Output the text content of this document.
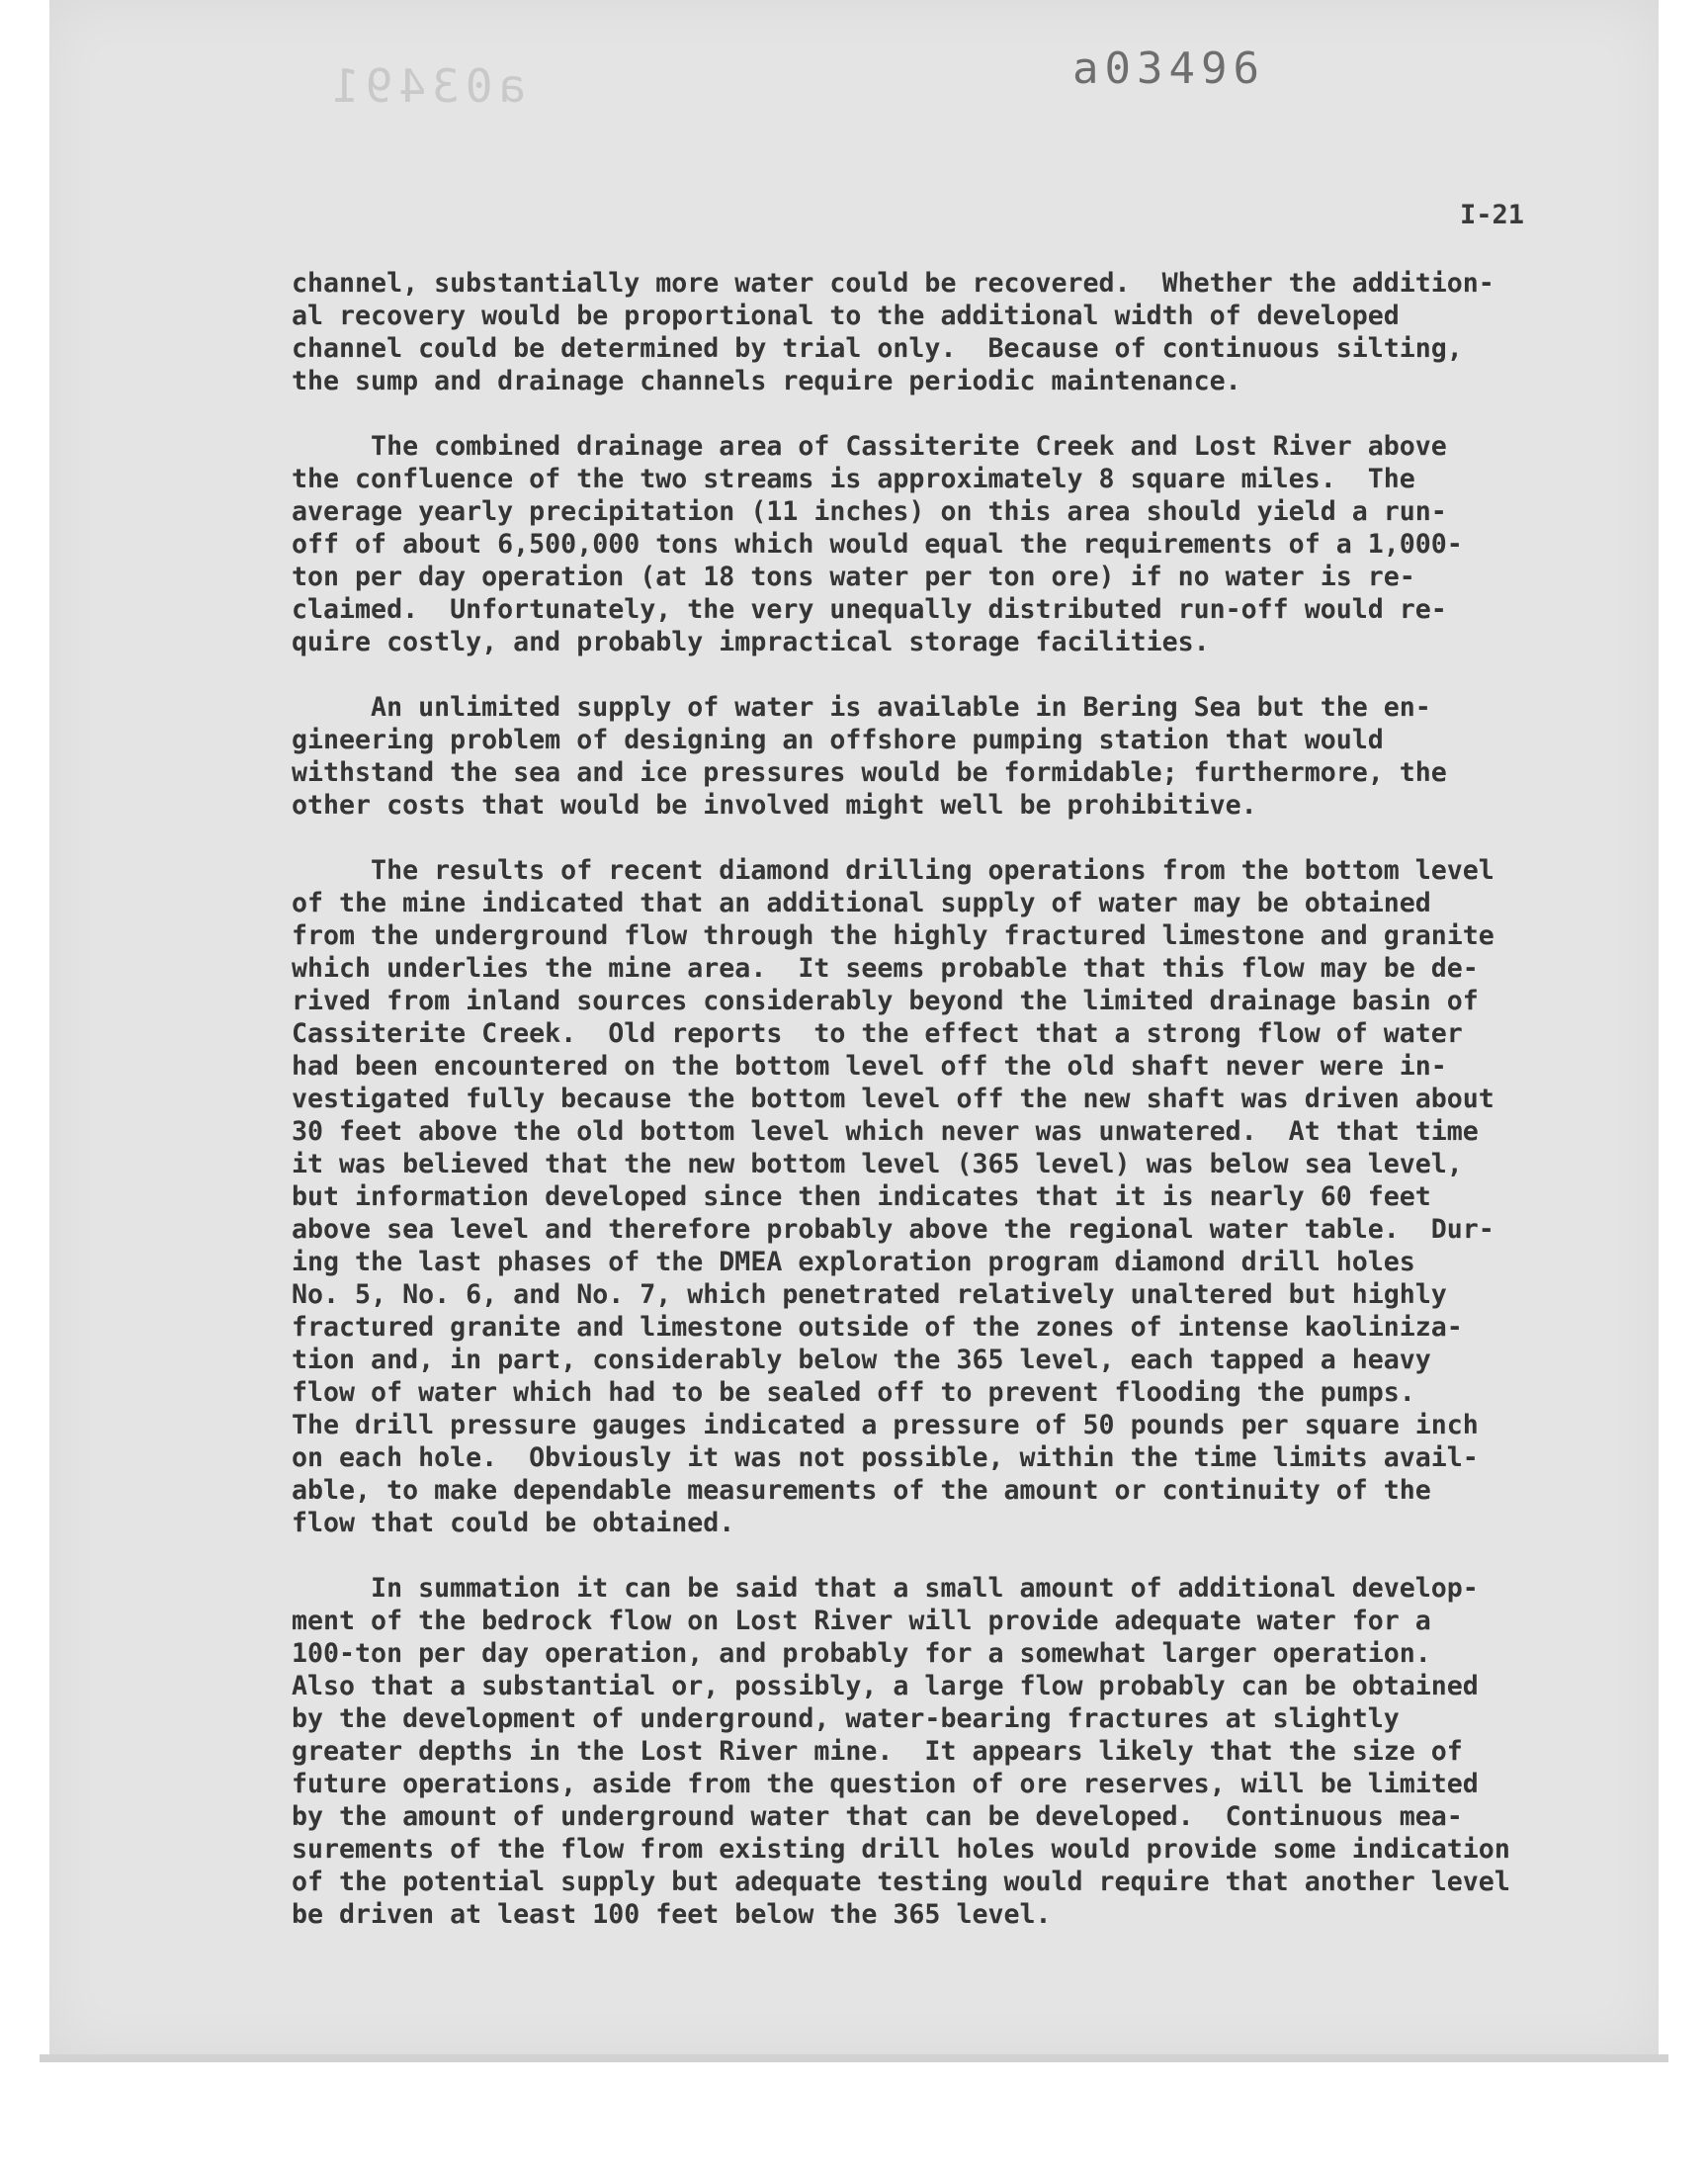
a03491	a03496
I-21
channel, substantially more water could be recovered.  Whether the addition-
al recovery would be proportional to the additional width of developed
channel could be determined by trial only.  Because of continuous silting,
the sump and drainage channels require periodic maintenance.
The combined drainage area of Cassiterite Creek and Lost River above
the confluence of the two streams is approximately 8 square miles.  The
average yearly precipitation (11 inches) on this area should yield a run-
off of about 6,500,000 tons which would equal the requirements of a 1,000-
ton per day operation (at 18 tons water per ton ore) if no water is re-
claimed.  Unfortunately, the very unequally distributed run-off would re-
quire costly, and probably impractical storage facilities.
An unlimited supply of water is available in Bering Sea but the en-
gineering problem of designing an offshore pumping station that would
withstand the sea and ice pressures would be formidable; furthermore, the
other costs that would be involved might well be prohibitive.
The results of recent diamond drilling operations from the bottom level
of the mine indicated that an additional supply of water may be obtained
from the underground flow through the highly fractured limestone and granite
which underlies the mine area.  It seems probable that this flow may be de-
rived from inland sources considerably beyond the limited drainage basin of
Cassiterite Creek.  Old reports  to the effect that a strong flow of water
had been encountered on the bottom level off the old shaft never were in-
vestigated fully because the bottom level off the new shaft was driven about
30 feet above the old bottom level which never was unwatered.  At that time
it was believed that the new bottom level (365 level) was below sea level,
but information developed since then indicates that it is nearly 60 feet
above sea level and therefore probably above the regional water table.  Dur-
ing the last phases of the DMEA exploration program diamond drill holes
No. 5, No. 6, and No. 7, which penetrated relatively unaltered but highly
fractured granite and limestone outside of the zones of intense kaoliniza-
tion and, in part, considerably below the 365 level, each tapped a heavy
flow of water which had to be sealed off to prevent flooding the pumps.
The drill pressure gauges indicated a pressure of 50 pounds per square inch
on each hole.  Obviously it was not possible, within the time limits avail-
able, to make dependable measurements of the amount or continuity of the
flow that could be obtained.
In summation it can be said that a small amount of additional develop-
ment of the bedrock flow on Lost River will provide adequate water for a
100-ton per day operation, and probably for a somewhat larger operation.
Also that a substantial or, possibly, a large flow probably can be obtained
by the development of underground, water-bearing fractures at slightly
greater depths in the Lost River mine.  It appears likely that the size of
future operations, aside from the question of ore reserves, will be limited
by the amount of underground water that can be developed.  Continuous mea-
surements of the flow from existing drill holes would provide some indication
of the potential supply but adequate testing would require that another level
be driven at least 100 feet below the 365 level.
